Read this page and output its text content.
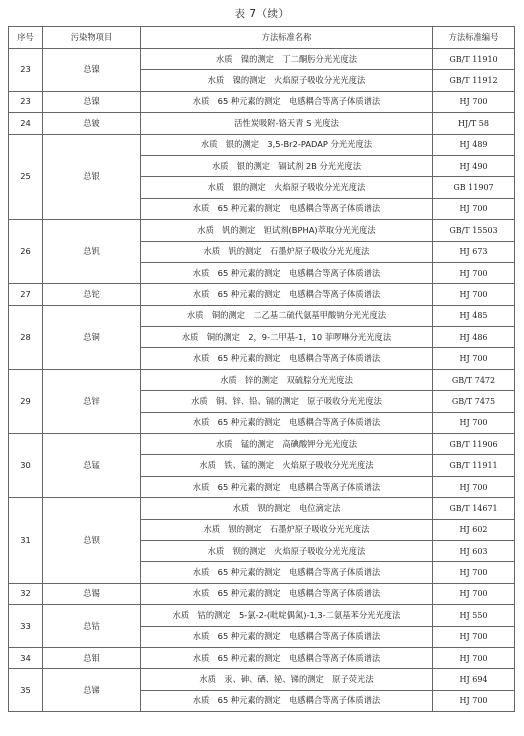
表 7（续）
序号	污染物项目	方法标准名称	方法标准编号
23	总镍	水质　镍的测定　丁二酮肟分光光度法	GB/T 11910
		水质　镍的测定　火焰原子吸收分光光度法	GB/T 11912
23	总镍	水质　65 种元素的测定　电感耦合等离子体质谱法	HJ 700
24	总铍	活性炭吸附-铬天青 S 光度法	HJ/T 58
25	总银	水质　银的测定　3,5-Br2-PADAP 分光光度法	HJ 489
		水质　银的测定　镉试剂 2B 分光光度法	HJ 490
		水质　银的测定　火焰原子吸收分光光度法	GB 11907
		水质　65 种元素的测定　电感耦合等离子体质谱法	HJ 700
26	总钒	水质　钒的测定　钽试剂(BPHA)萃取分光光度法	GB/T 15503
		水质　钒的测定　石墨炉原子吸收分光光度法	HJ 673
		水质　65 种元素的测定　电感耦合等离子体质谱法	HJ 700
27	总铊	水质　65 种元素的测定　电感耦合等离子体质谱法	HJ 700
28	总铜	水质　铜的测定　二乙基二硫代氨基甲酸钠分光光度法	HJ 485
		水质　铜的测定　2，9-二甲基-1，10 菲啰啉分光光度法	HJ 486
		水质　65 种元素的测定　电感耦合等离子体质谱法	HJ 700
29	总锌	水质　锌的测定　双硫腙分光光度法	GB/T 7472
		水质　铜、锌、铅、镉的测定　原子吸收分光光度法	GB/T 7475
		水质　65 种元素的测定　电感耦合等离子体质谱法	HJ 700
30	总锰	水质　锰的测定　高碘酸钾分光光度法	GB/T 11906
		水质　铁、锰的测定　火焰原子吸收分光光度法	GB/T 11911
		水质　65 种元素的测定　电感耦合等离子体质谱法	HJ 700
31	总钡	水质　钡的测定　电位滴定法	GB/T 14671
		水质　钡的测定　石墨炉原子吸收分光光度法	HJ 602
		水质　钡的测定　火焰原子吸收分光光度法	HJ 603
		水质　65 种元素的测定　电感耦合等离子体质谱法	HJ 700
32	总锡	水质　65 种元素的测定　电感耦合等离子体质谱法	HJ 700
33	总钴	水质　钴的测定　5-氯-2-(吡啶偶氮)-1,3-二氨基苯分光光度法	HJ 550
		水质　65 种元素的测定　电感耦合等离子体质谱法	HJ 700
34	总钼	水质　65 种元素的测定　电感耦合等离子体质谱法	HJ 700
35	总锑	水质　汞、砷、硒、铋、锑的测定　原子荧光法	HJ 694
		水质　65 种元素的测定　电感耦合等离子体质谱法	HJ 700
